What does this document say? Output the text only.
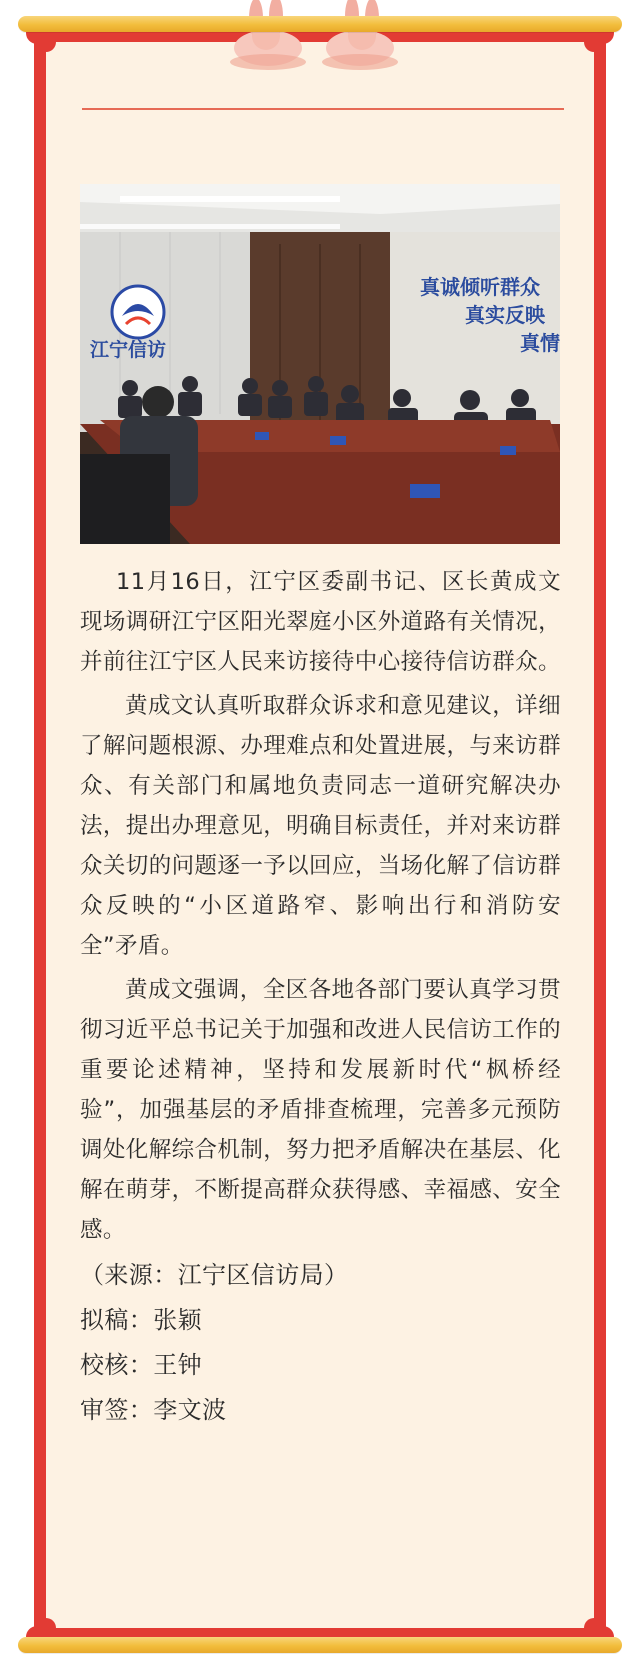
江宁信访
真诚倾听群众
真实反映
真情

11月16日，江宁区委副书记、区长黄成文现场调研江宁区阳光翠庭小区外道路有关情况，并前往江宁区人民来访接待中心接待信访群众。

黄成文认真听取群众诉求和意见建议，详细了解问题根源、办理难点和处置进展，与来访群众、有关部门和属地负责同志一道研究解决办法，提出办理意见，明确目标责任，并对来访群众关切的问题逐一予以回应，当场化解了信访群众反映的“小区道路窄、影响出行和消防安全”矛盾。

黄成文强调，全区各地各部门要认真学习贯彻习近平总书记关于加强和改进人民信访工作的重要论述精神，坚持和发展新时代“枫桥经验”，加强基层的矛盾排查梳理，完善多元预防调处化解综合机制，努力把矛盾解决在基层、化解在萌芽，不断提高群众获得感、幸福感、安全感。

（来源：江宁区信访局）

拟稿：张颖

校核：王钟

审签：李文波
